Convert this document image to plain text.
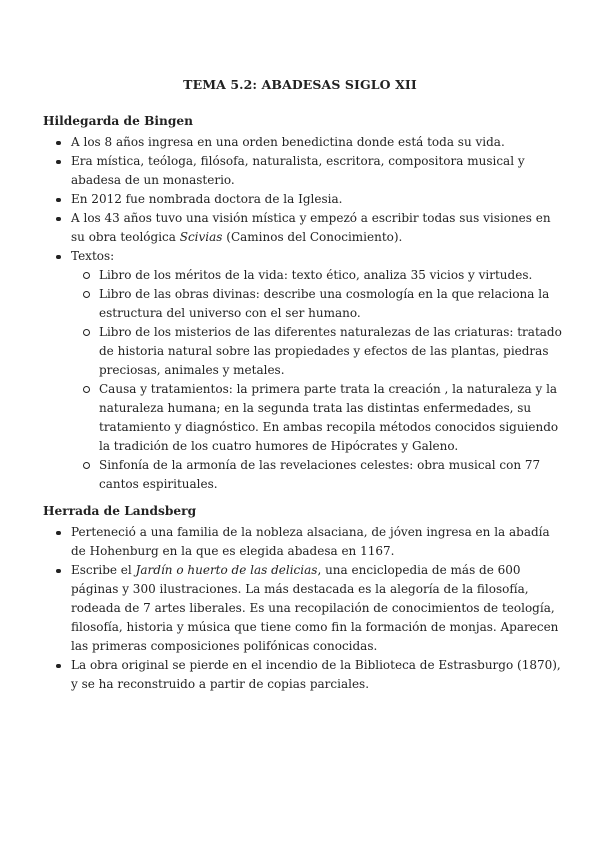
TEMA 5.2: ABADESAS SIGLO XII
Hildegarda de Bingen
A los 8 años ingresa en una orden benedictina donde está toda su vida.
Era mística, teóloga, filósofa, naturalista, escritora, compositora musical y abadesa de un monasterio.
En 2012 fue nombrada doctora de la Iglesia.
A los 43 años tuvo una visión mística y empezó a escribir todas sus visiones en su obra teológica Scivias (Caminos del Conocimiento).
Textos:
Libro de los méritos de la vida: texto ético, analiza 35 vicios y virtudes.
Libro de las obras divinas: describe una cosmología en la que relaciona la estructura del universo con el ser humano.
Libro de los misterios de las diferentes naturalezas de las criaturas: tratado de historia natural sobre las propiedades y efectos de las plantas, piedras preciosas, animales y metales.
Causa y tratamientos: la primera parte trata la creación , la naturaleza y la naturaleza humana; en la segunda trata las distintas enfermedades, su tratamiento y diagnóstico. En ambas recopila métodos conocidos siguiendo la tradición de los cuatro humores de Hipócrates y Galeno.
Sinfonía de la armonía de las revelaciones celestes: obra musical con 77 cantos espirituales.
Herrada de Landsberg
Perteneció a una familia de la nobleza alsaciana, de jóven ingresa en la abadía de Hohenburg en la que es elegida abadesa en 1167.
Escribe el Jardín o huerto de las delicias, una enciclopedia de más de 600 páginas y 300 ilustraciones. La más destacada es la alegoría de la filosofía, rodeada de 7 artes liberales. Es una recopilación de conocimientos de teología, filosofía, historia y música que tiene como fin la formación de monjas. Aparecen las primeras composiciones polifónicas conocidas.
La obra original se pierde en el incendio de la Biblioteca de Estrasburgo (1870), y se ha reconstruido a partir de copias parciales.
